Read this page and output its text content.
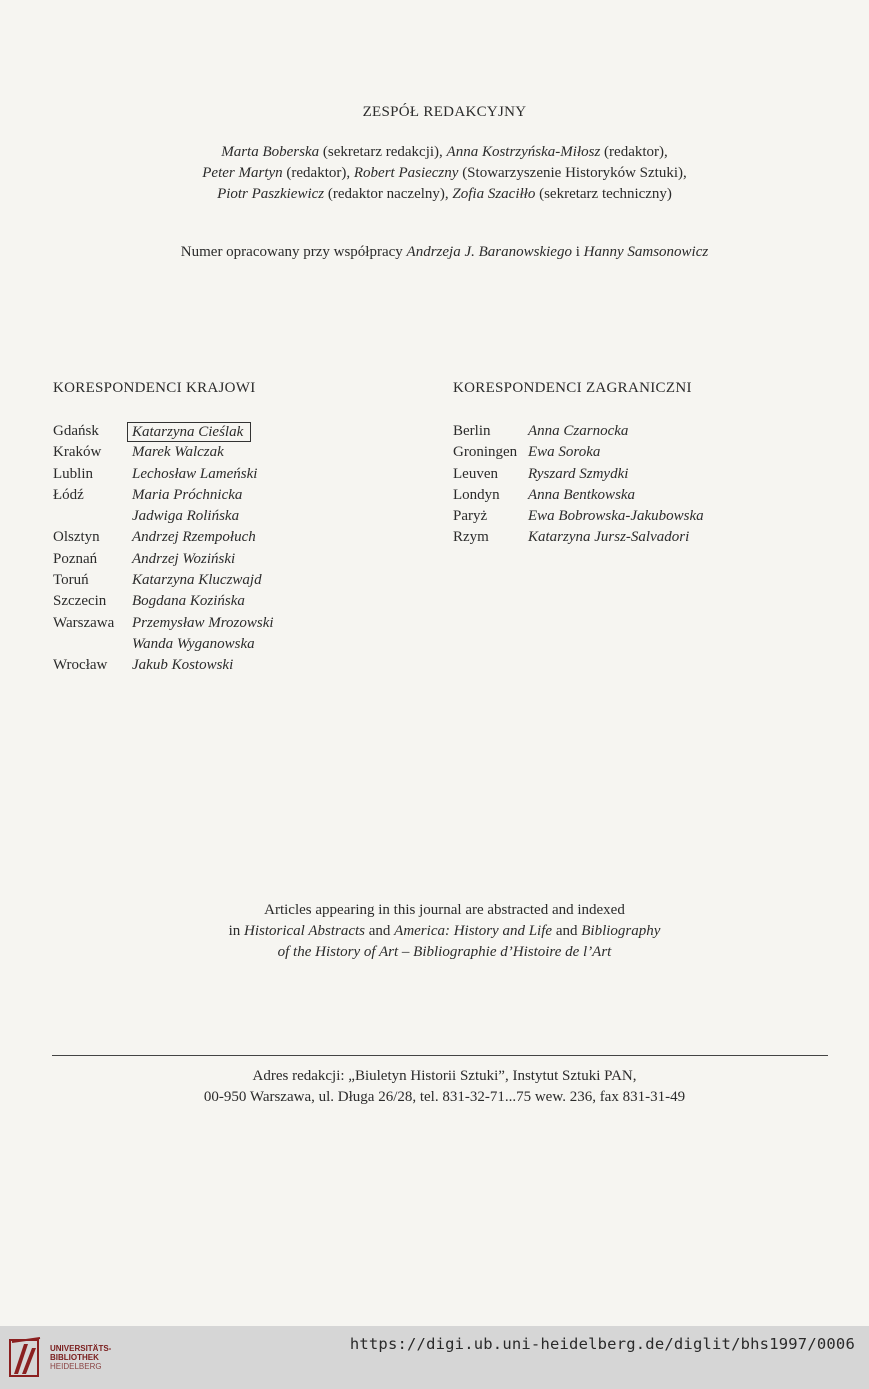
ZESPÓŁ REDAKCYJNY
Marta Boberska (sekretarz redakcji), Anna Kostrzyńska-Miłosz (redaktor),
Peter Martyn (redaktor), Robert Pasieczny (Stowarzyszenie Historyków Sztuki),
Piotr Paszkiewicz (redaktor naczelny), Zofia Szaciłło (sekretarz techniczny)
Numer opracowany przy współpracy Andrzeja J. Baranowskiego i Hanny Samsonowicz
KORESPONDENCI KRAJOWI	KORESPONDENCI ZAGRANICZNI
Gdańsk Katarzyna Cieślak
Kraków Marek Walczak
Lublin	Lechosław Lameński
Łódź	Maria Próchnicka
Jadwiga Rolińska
Olsztyn Andrzej Rzempołuch
Poznań Andrzej Woziński
Toruń	Katarzyna Kluczwajd
Szczecin Bogdana Kozińska
Warszawa Przemysław Mrozowski
Wanda Wyganowska
Wrocław Jakub Kostowski
Berlin	Anna Czarnocka
Groningen Ewa Soroka
Leuven Ryszard Szmydki
Londyn Anna Bentkowska
Paryż	Ewa Bobrowska-Jakubowska
Rzym	Katarzyna Jursz-Salvadori
Articles appearing in this journal are abstracted and indexed
in Historical Abstracts and America: History and Life and Bibliography
of the History of Art – Bibliographie d’Histoire de l’Art
Adres redakcji: „Biuletyn Historii Sztuki”, Instytut Sztuki PAN,
00-950 Warszawa, ul. Długa 26/28, tel. 831-32-71...75 wew. 236, fax 831-31-49
UNIVERSITÄTS-
BIBLIOTHEK
HEIDELBERG
https://digi.ub.uni-heidelberg.de/diglit/bhs1997/0006
